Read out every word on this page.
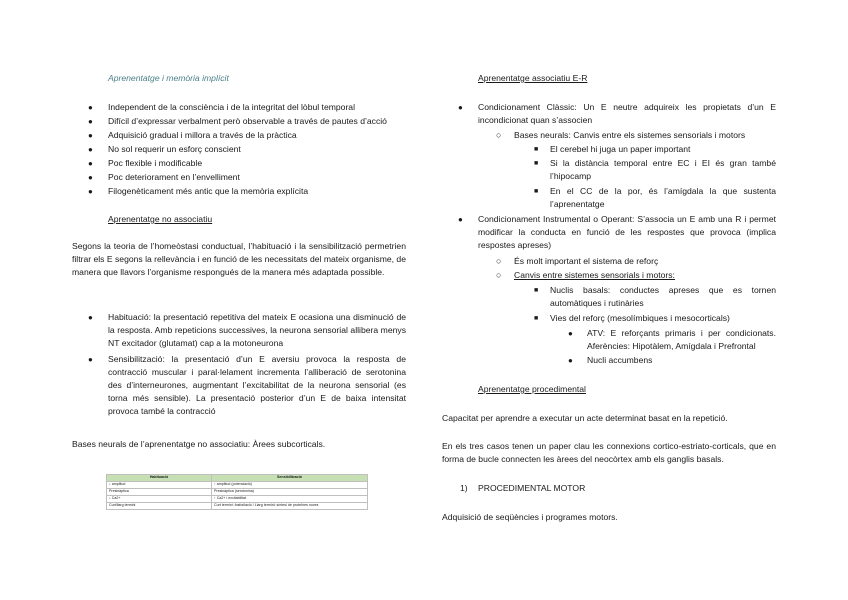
Aprenentatge i memòria implícit
● Independent de la consciència i de la integritat del lòbul temporal
● Difícil d’expressar verbalment però observable a través de pautes d’acció
● Adquisició gradual i millora a través de la pràctica
● No sol requerir un esforç conscient
● Poc flexible i modificable
● Poc deteriorament en l’envelliment
● Filogenèticament més antic que la memòria explícita
Aprenentatge no associatiu
Segons la teoria de l’homeòstasi conductual, l’habituació i la sensibilització permetrien filtrar els E segons la rellevància i en funció de les necessitats del mateix organisme, de manera que llavors l’organisme respongués de la manera més adaptada possible.
● Habituació: la presentació repetitiva del mateix E ocasiona una disminució de la resposta. Amb repeticions successives, la neurona sensorial allibera menys NT excitador (glutamat) cap a la motoneurona
● Sensibilització: la presentació d’un E aversiu provoca la resposta de contracció muscular i paral·lelament incrementa l’alliberació de serotonina des d’interneurones, augmentant l’excitabilitat de la neurona sensorial (es torna més sensible). La presentació posterior d’un E de baixa intensitat provoca també la contracció
Bases neurals de l’aprenentatge no associatiu: Àrees subcorticals.
Habituació	Sensibilització
↓ amplitud	↑ amplitud (potenciació)
Presinàptica	Presinàptica (serotonina)
↓ Ca2+	↑ Ca2+ i excitabilitat
Curt/llarg termini	Curt termini: fosforilació / Llarg termini: síntesi de proteïnes noves
Aprenentatge associatiu E-R
● Condicionament Clàssic: Un E neutre adquireix les propietats d’un E incondicionat quan s’associen
○ Bases neurals: Canvis entre els sistemes sensorials i motors
■ El cerebel hi juga un paper important
■ Si la distància temporal entre EC i EI és gran també l’hipocamp
■ En el CC de la por, és l’amígdala la que sustenta l’aprenentatge
● Condicionament Instrumental o Operant: S’associa un E amb una R i permet modificar la conducta en funció de les respostes que provoca (implica respostes apreses)
○ És molt important el sistema de reforç
○ Canvis entre sistemes sensorials i motors:
■ Nuclis basals: conductes apreses que es tornen automàtiques i rutinàries
■ Vies del reforç (mesolímbiques i mesocorticals)
● ATV: E reforçants primaris i per condicionats. Aferències: Hipotàlem, Amígdala i Prefrontal
● Nucli accumbens
Aprenentatge procedimental
Capacitat per aprendre a executar un acte determinat basat en la repetició.
En els tres casos tenen un paper clau les connexions cortico-estriato-corticals, que en forma de bucle connecten les àrees del neocòrtex amb els ganglis basals.
1) PROCEDIMENTAL MOTOR
Adquisició de seqüències i programes motors.
